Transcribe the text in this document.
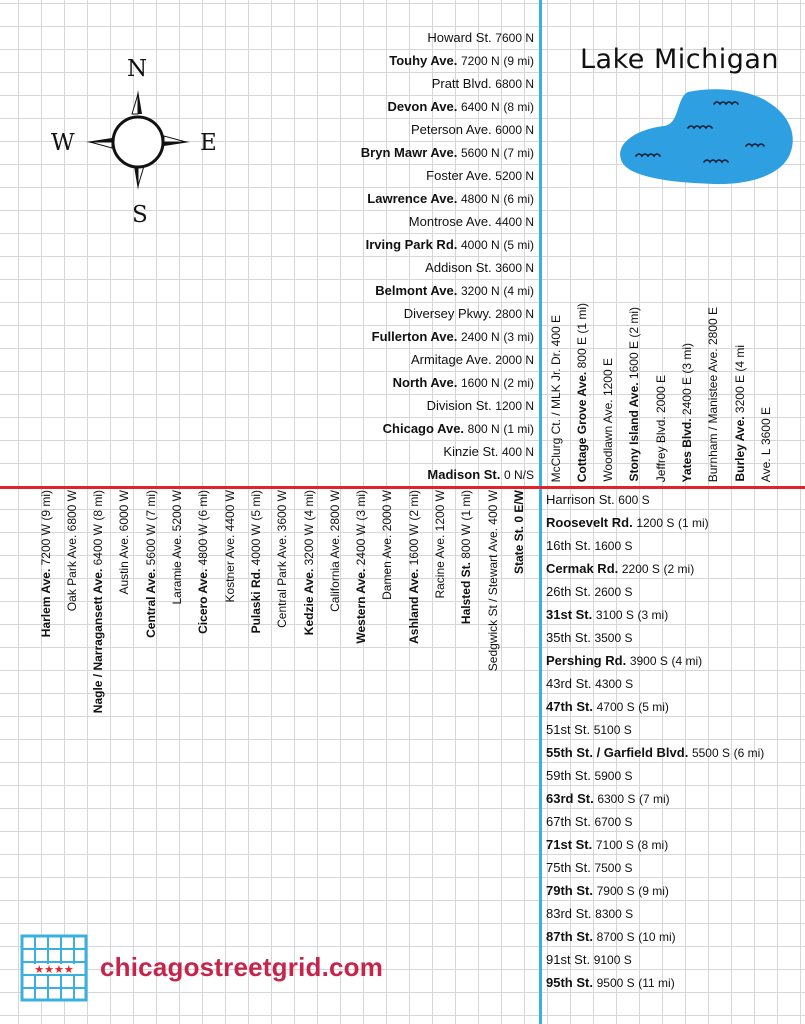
N
S
E
W
Lake Michigan
Howard St. 7600 N
Touhy Ave. 7200 N (9 mi)
Pratt Blvd. 6800 N
Devon Ave. 6400 N (8 mi)
Peterson Ave. 6000 N
Bryn Mawr Ave. 5600 N (7 mi)
Foster Ave. 5200 N
Lawrence Ave. 4800 N (6 mi)
Montrose Ave. 4400 N
Irving Park Rd. 4000 N (5 mi)
Addison St. 3600 N
Belmont Ave. 3200 N (4 mi)
Diversey Pkwy. 2800 N
Fullerton Ave. 2400 N (3 mi)
Armitage Ave. 2000 N
North Ave. 1600 N (2 mi)
Division St. 1200 N
Chicago Ave. 800 N (1 mi)
Kinzie St. 400 N
Madison St. 0 N/S
Harrison St. 600 S
Roosevelt Rd. 1200 S (1 mi)
16th St. 1600 S
Cermak Rd. 2200 S (2 mi)
26th St. 2600 S
31st St. 3100 S (3 mi)
35th St. 3500 S
Pershing Rd. 3900 S (4 mi)
43rd St. 4300 S
47th St. 4700 S (5 mi)
51st St. 5100 S
55th St. / Garfield Blvd. 5500 S (6 mi)
59th St. 5900 S
63rd St. 6300 S (7 mi)
67th St. 6700 S
71st St. 7100 S (8 mi)
75th St. 7500 S
79th St. 7900 S (9 mi)
83rd St. 8300 S
87th St. 8700 S (10 mi)
91st St. 9100 S
95th St. 9500 S (11 mi)
McClurg Ct. / MLK Jr. Dr. 400 E
Cottage Grove Ave. 800 E (1 mi)
Woodlawn Ave. 1200 E
Stony Island Ave. 1600 E (2 mi)
Jeffrey Blvd. 2000 E
Yates Blvd. 2400 E (3 mi) Burnham / Manistee Ave. 2800 E
Burley Ave. 3200 E (4 mi
Ave. L 3600 E
Harlem Ave. 7200 W (9 mi)
Oak Park Ave. 6800 W
Nagle / Narragansett Ave. 6400 W (8 mi)
Austin Ave. 6000 W
Central Ave. 5600 W (7 mi)
Laramie Ave. 5200 W
Cicero Ave. 4800 W (6 mi)
Kostner Ave. 4400 W
Pulaski Rd. 4000 W (5 mi)
Central Park Ave. 3600 W
Kedzie Ave. 3200 W (4 mi)
California Ave. 2800 W
Western Ave. 2400 W (3 mi)
Damen Ave. 2000 W
Ashland Ave. 1600 W (2 mi)
Racine Ave. 1200 W
Halsted St. 800 W (1 mi)
Sedgwick St / Stewart Ave. 400 W
State St. 0 E/W
★★★★ chicagostreetgrid.com
